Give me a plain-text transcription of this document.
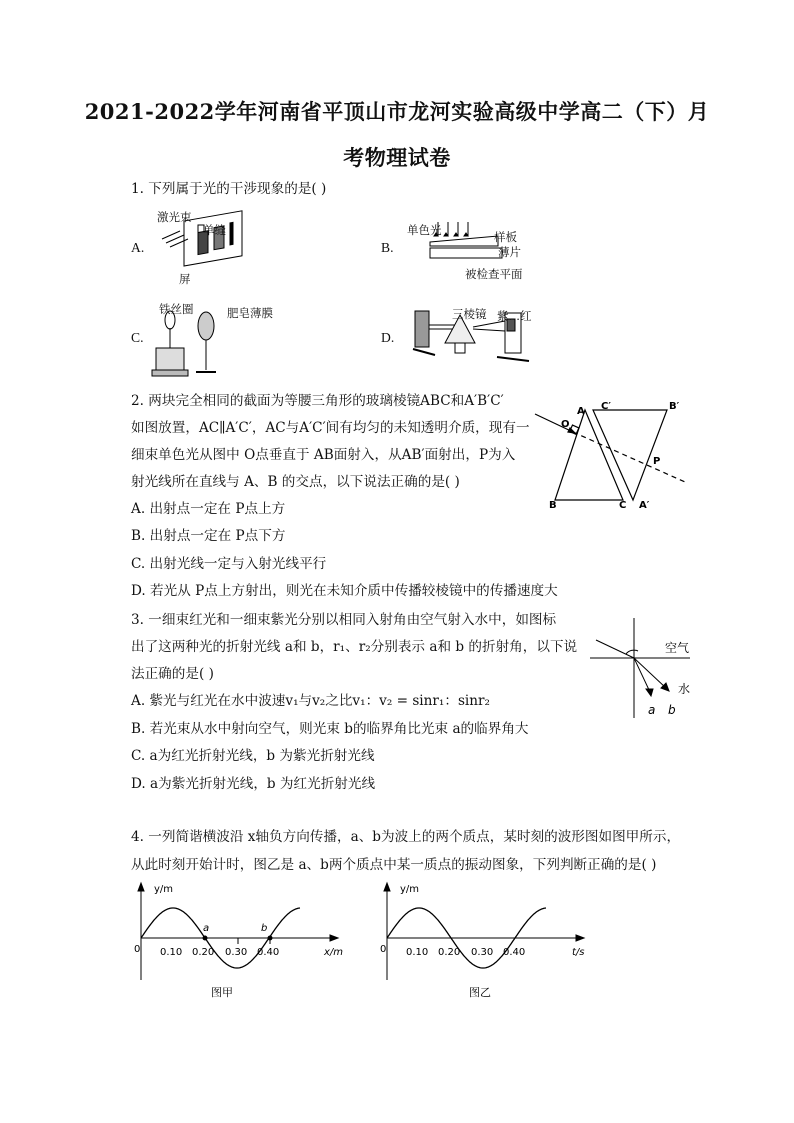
2021-2022学年河南省平顶山市龙河实验高级中学高二（下）月
考物理试卷
1. 下列属于光的干涉现象的是( )
A.	B.
C.	D.
激光束
单缝
屏
单色光	样板
薄片
被检查平面
铁丝圈	肥皂薄膜	三棱镜 紫…红
2. 两块完全相同的截面为等腰三角形的玻璃棱镜ABC和A′B′C′
如图放置，AC∥A′C′，AC与A′C′间有均匀的未知透明介质，现有一
细束单色光从图中 O点垂直于 AB面射入，从AB′面射出，P为入
射光线所在直线与 A、B 的交点，以下说法正确的是( )
A. 出射点一定在 P点上方
B. 出射点一定在 P点下方
C. 出射光线一定与入射光线平行
D. 若光从 P点上方射出，则光在未知介质中传播较棱镜中的传播速度大
A C′	B′
O
P
B	C A′
3. 一细束红光和一细束紫光分别以相同入射角由空气射入水中，如图标
出了这两种光的折射光线 a和 b，r₁、r₂分别表示 a和 b 的折射角，以下说
法正确的是( )
A. 紫光与红光在水中波速v₁与v₂之比v₁：v₂ = sinr₁：sinr₂
B. 若光束从水中射向空气，则光束 b的临界角比光束 a的临界角大
C. a为红光折射光线，b 为紫光折射光线
D. a为紫光折射光线，b 为红光折射光线
空气
水
a b
4. 一列简谐横波沿 x轴负方向传播，a、b为波上的两个质点，某时刻的波形图如图甲所示，
从此时刻开始计时，图乙是 a、b两个质点中某一质点的振动图象，下列判断正确的是( )
y/m
x/m
0 0.10 0.20 0.30 0.40
a	b
图甲
y/m
t/s
0 0.10 0.20 0.30 0.40
图乙
